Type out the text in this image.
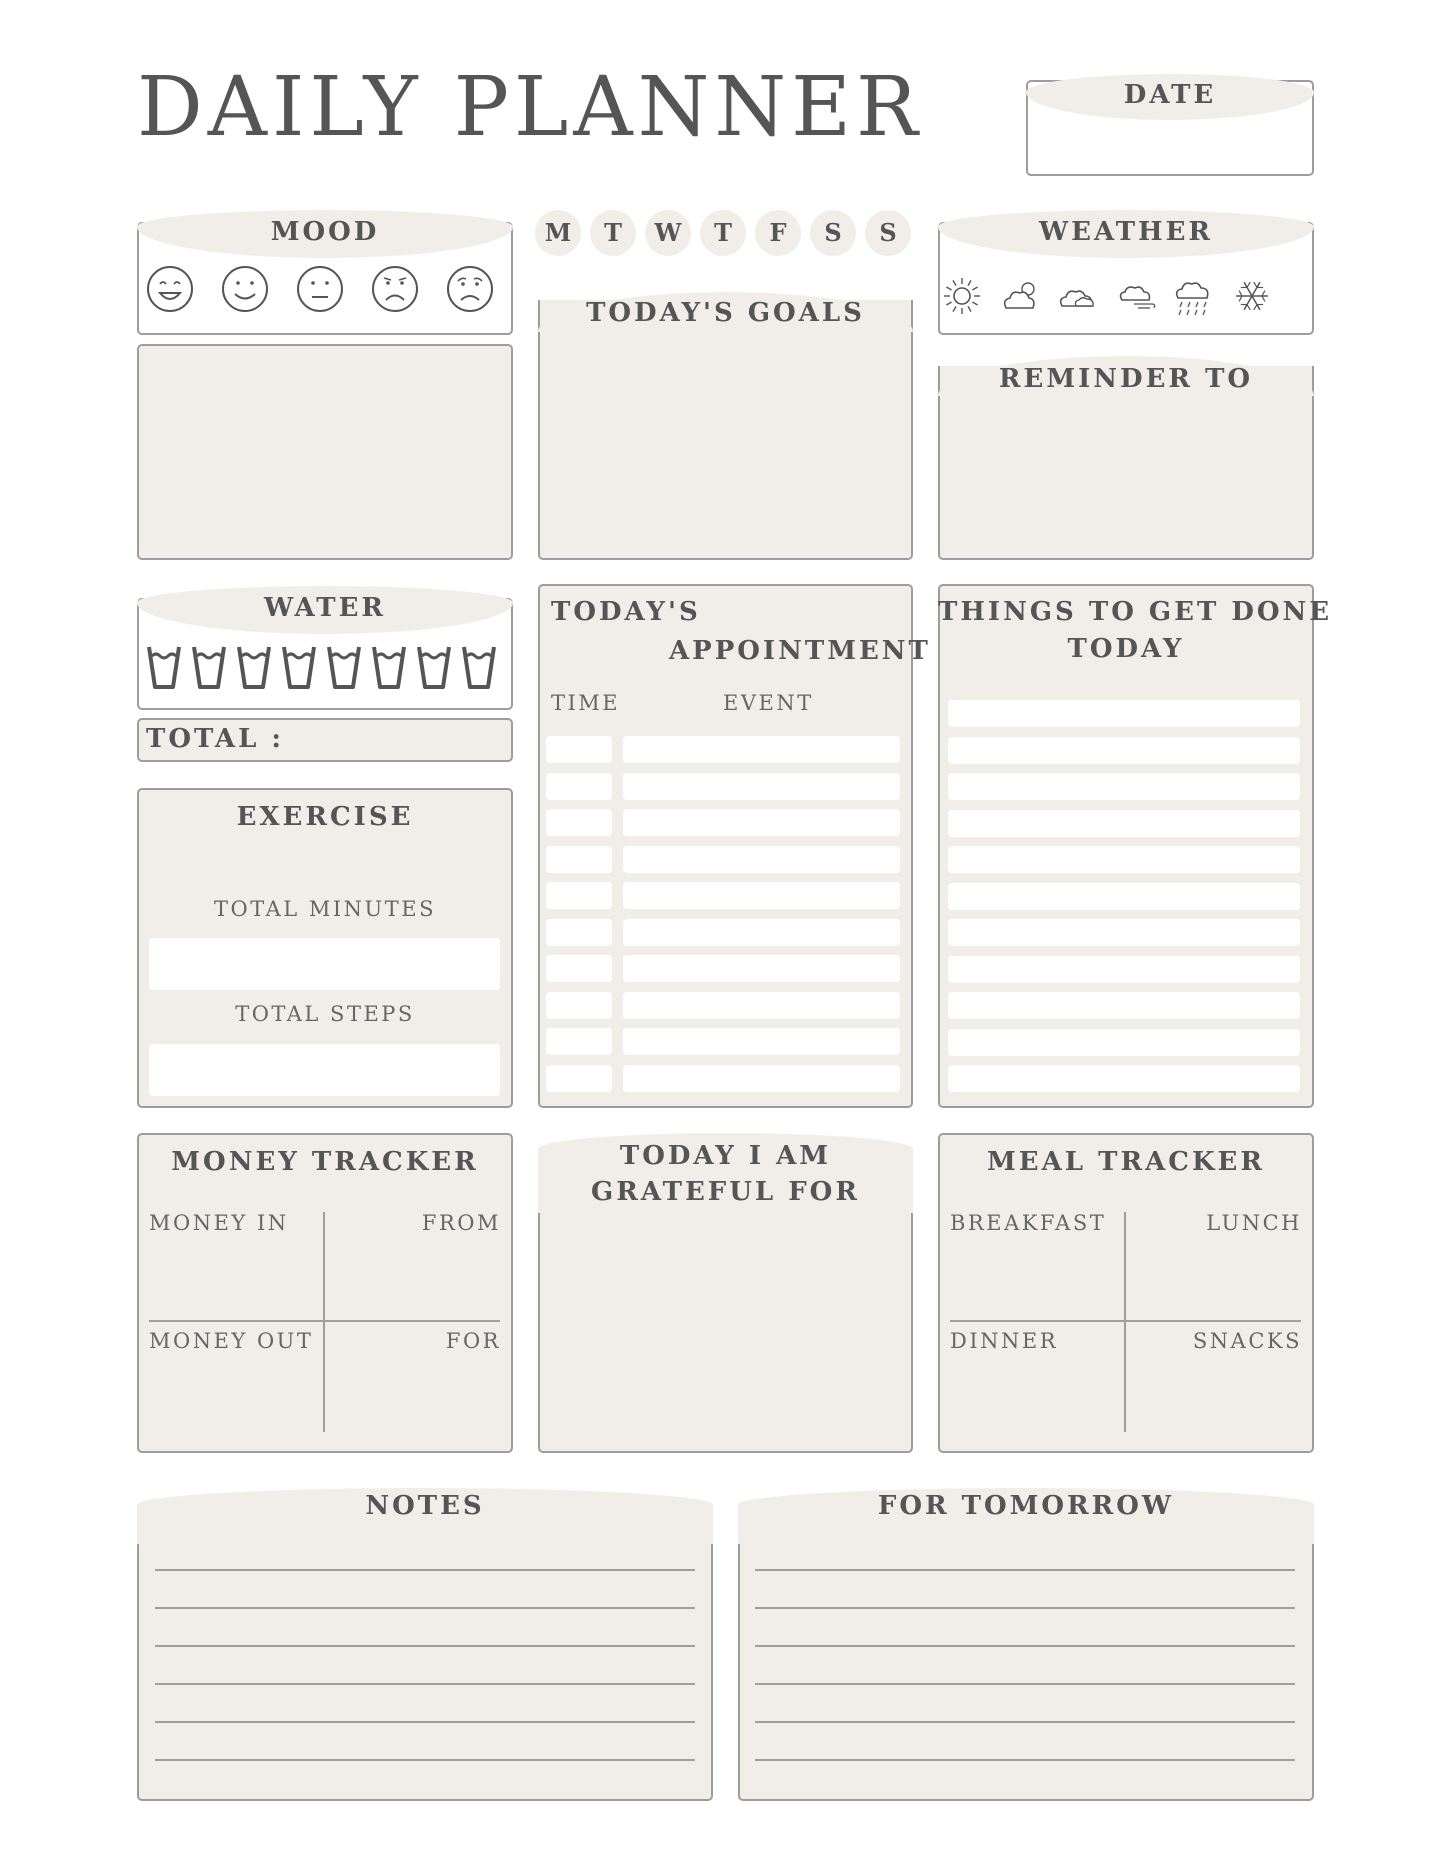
DAILY PLANNER	DATE
MOOD	M	T	W	T	F	S	S
TODAY'S GOALS
WEATHER
REMINDER TO
WATER
TOTAL :
EXERCISE
TOTAL MINUTES
TOTAL STEPS
TODAY'S
APPOINTMENT
TIME	EVENT
THINGS TO GET DONE
TODAY
MONEY TRACKER
MONEY IN	FROM
MONEY OUT	FOR
TODAY I AM
GRATEFUL FOR
MEAL TRACKER
BREAKFAST	LUNCH
DINNER	SNACKS
NOTES	FOR TOMORROW
